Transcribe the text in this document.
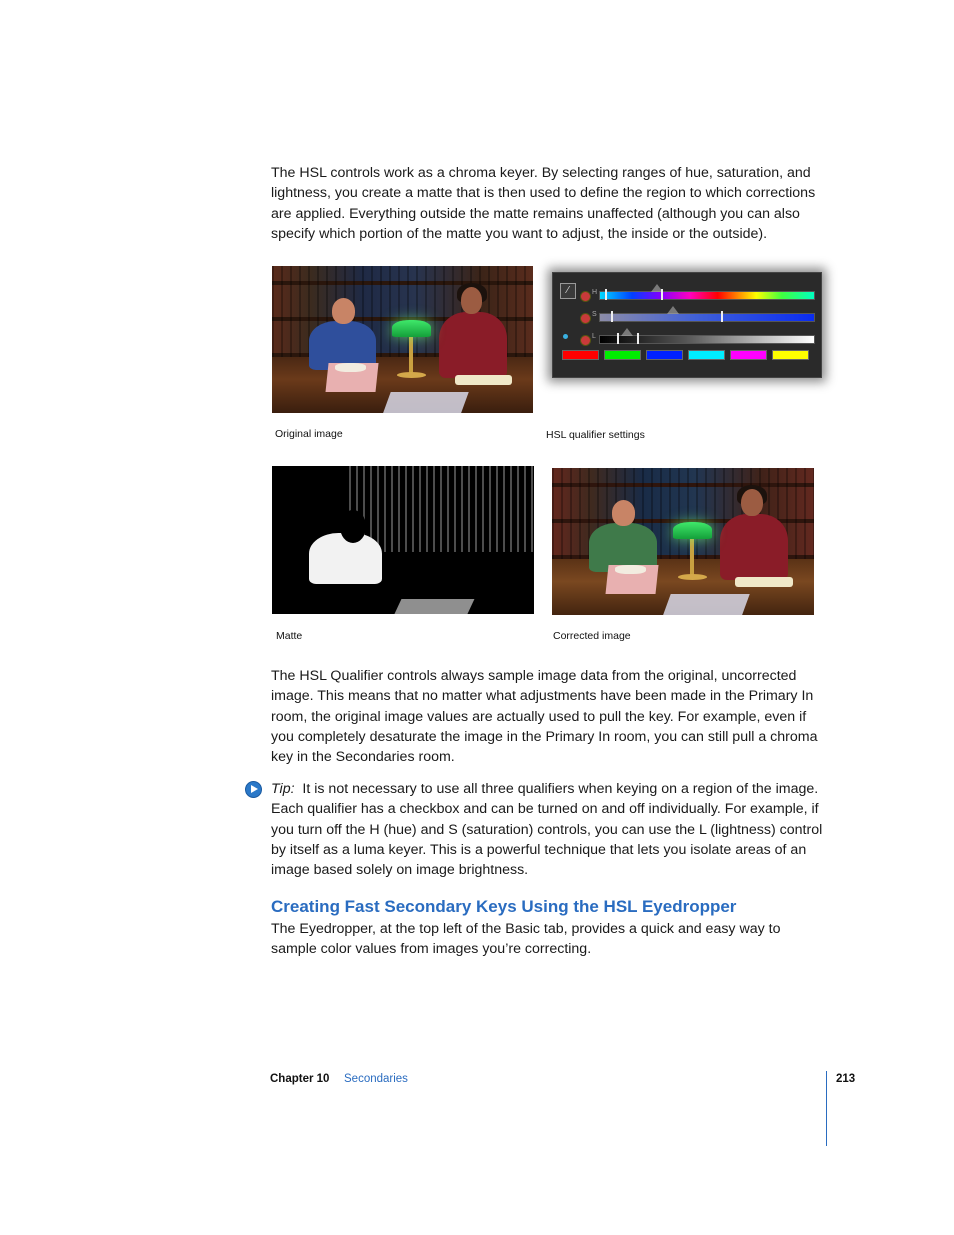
The HSL controls work as a chroma keyer. By selecting ranges of hue, saturation, and lightness, you create a matte that is then used to define the region to which corrections are applied. Everything outside the matte remains unaffected (although you can also specify which portion of the matte you want to adjust, the inside or the outside).

⁄	H
S
L
Original image	HSL qualifier settings
Matte	Corrected image

The HSL Qualifier controls always sample image data from the original, uncorrected image. This means that no matter what adjustments have been made in the Primary In room, the original image values are actually used to pull the key. For example, even if you completely desaturate the image in the Primary In room, you can still pull a chroma key in the Secondaries room.

Tip: It is not necessary to use all three qualifiers when keying on a region of the image. Each qualifier has a checkbox and can be turned on and off individually. For example, if you turn off the H (hue) and S (saturation) controls, you can use the L (lightness) control by itself as a luma keyer. This is a powerful technique that lets you isolate areas of an image based solely on image brightness.

Creating Fast Secondary Keys Using the HSL Eyedropper

The Eyedropper, at the top left of the Basic tab, provides a quick and easy way to sample color values from images you’re correcting.

Chapter 10 Secondaries	213
